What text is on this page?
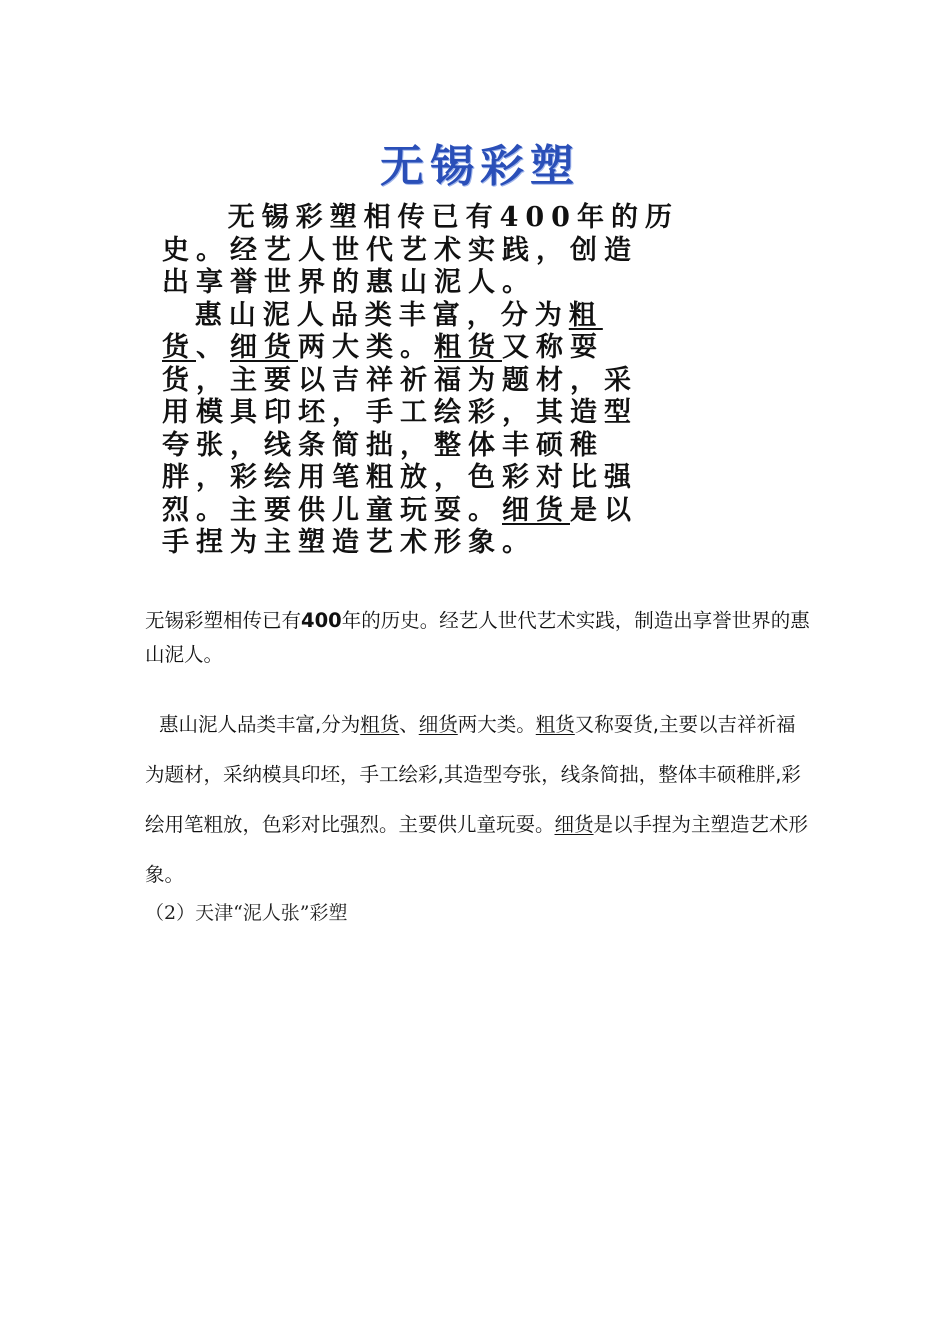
无锡彩塑
无锡彩塑相传已有400年的历
史。经艺人世代艺术实践，创造
出享誉世界的惠山泥人。
惠山泥人品类丰富，分为粗
货、细货两大类。粗货又称耍
货，主要以吉祥祈福为题材，采
用模具印坯，手工绘彩，其造型
夸张，线条简拙，整体丰硕稚
胖，彩绘用笔粗放，色彩对比强
烈。主要供儿童玩耍。细货是以
手捏为主塑造艺术形象。
无锡彩塑相传已有400年的历史。经艺人世代艺术实践，制造出享誉世界的惠山泥人。
惠山泥人品类丰富,分为粗货、细货两大类。粗货又称耍货,主要以吉祥祈福为题材，采纳模具印坯，手工绘彩,其造型夸张，线条简拙，整体丰硕稚胖,彩绘用笔粗放，色彩对比强烈。主要供儿童玩耍。细货是以手捏为主塑造艺术形象。
（2）天津“泥人张”彩塑
